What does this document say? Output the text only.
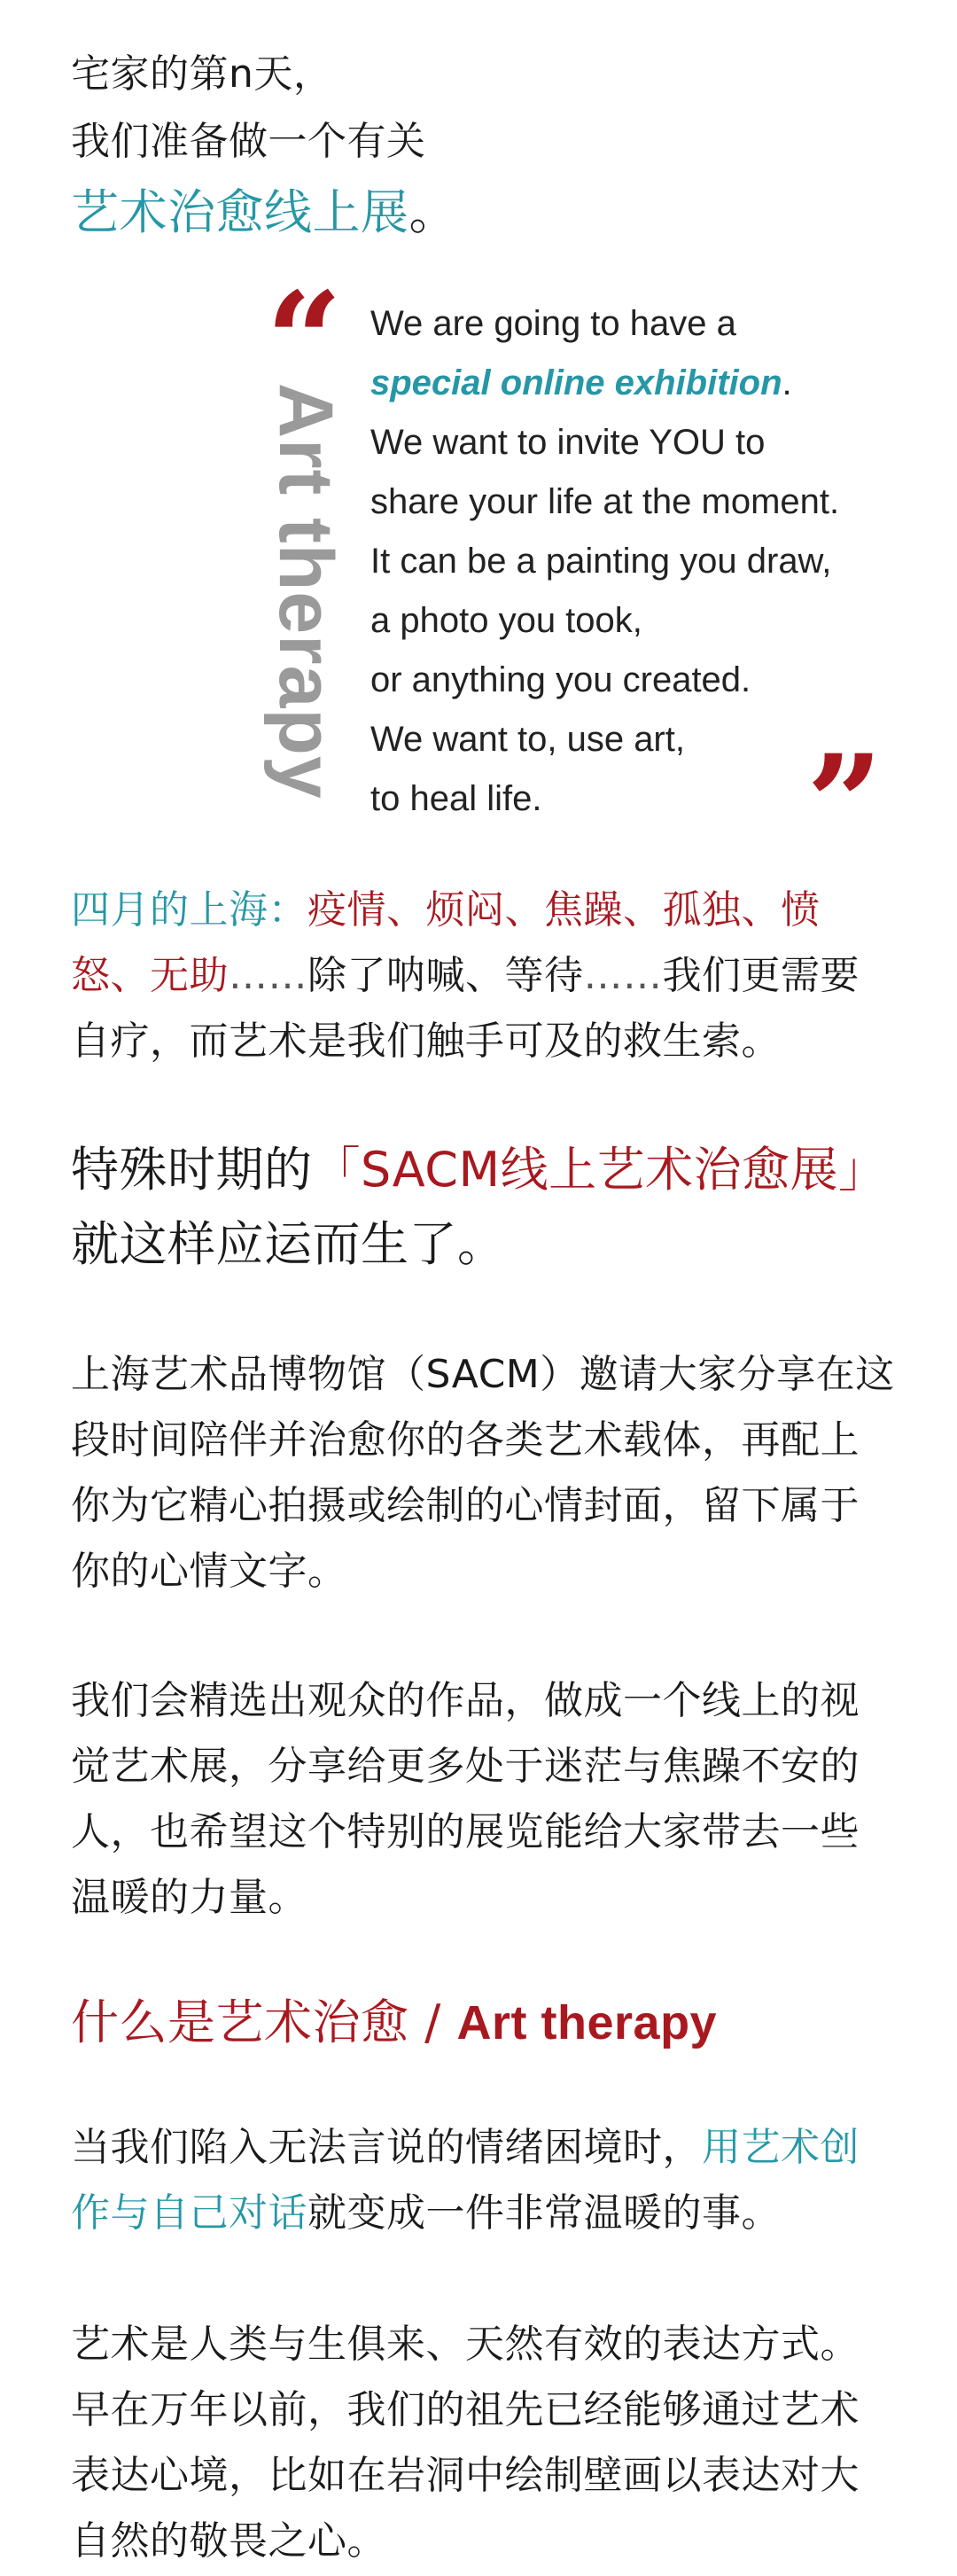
宅家的第n天，
我们准备做一个有关
艺术治愈线上展。

“
Art therapy
We are going to have a
special online exhibition.
We want to invite YOU to
share your life at the moment.
It can be a painting you draw,
a photo you took,
or anything you created.
We want to, use art,
to heal life.	”

四月的上海：疫情、烦闷、焦躁、孤独、愤怒、无助……除了呐喊、等待……我们更需要自疗，而艺术是我们触手可及的救生索。

特殊时期的「SACM线上艺术治愈展」
就这样应运而生了。

上海艺术品博物馆（SACM）邀请大家分享在这段时间陪伴并治愈你的各类艺术载体，再配上你为它精心拍摄或绘制的心情封面，留下属于你的心情文字。

我们会精选出观众的作品，做成一个线上的视觉艺术展，分享给更多处于迷茫与焦躁不安的人，也希望这个特别的展览能给大家带去一些温暖的力量。

什么是艺术治愈 / Art therapy

当我们陷入无法言说的情绪困境时，用艺术创作与自己对话就变成一件非常温暖的事。

艺术是人类与生俱来、天然有效的表达方式。早在万年以前，我们的祖先已经能够通过艺术表达心境，比如在岩洞中绘制壁画以表达对大自然的敬畏之心。
